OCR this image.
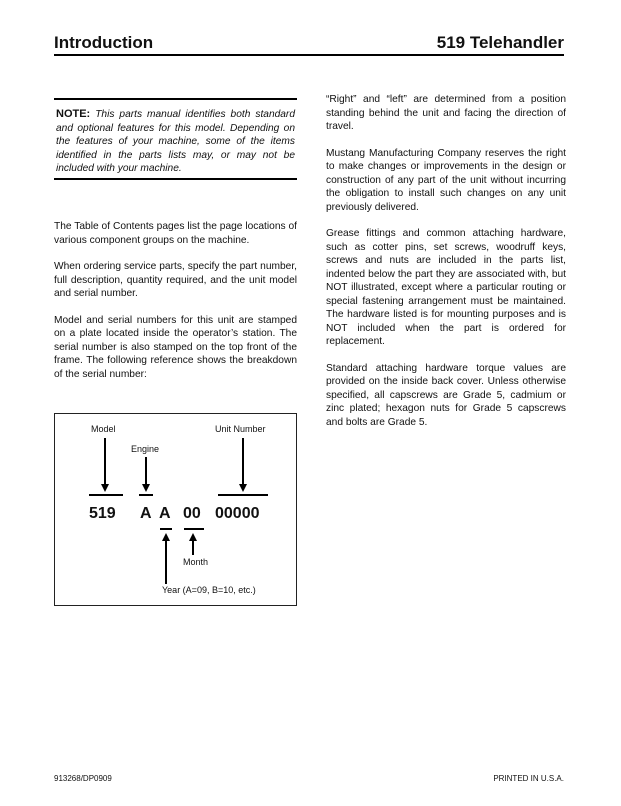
Introduction	519 Telehandler

NOTE: This parts manual identifies both standard and optional features for this model. Depending on the features of your machine, some of the items identified in the parts lists may, or may not be included with your machine.

The Table of Contents pages list the page locations of various component groups on the machine.

When ordering service parts, specify the part number, full description, quantity required, and the unit model and serial number.

Model and serial numbers for this unit are stamped on a plate located inside the operator’s station. The serial number is also stamped on the top front of the frame. The following reference shows the breakdown of the serial number:

“Right” and “left” are determined from a position standing behind the unit and facing the direction of travel.

Mustang Manufacturing Company reserves the right to make changes or improvements in the design or construction of any part of the unit without incurring the obligation to install such changes on any unit previously delivered.

Grease fittings and common attaching hardware, such as cotter pins, set screws, woodruff keys, screws and nuts are included in the parts list, indented below the part they are associated with, but NOT illustrated, except where a particular routing or special fastening arrangement must be maintained. The hardware listed is for mounting purposes and is NOT included when the part is ordered for replacement.

Standard attaching hardware torque values are provided on the inside back cover. Unless otherwise specified, all capscrews are Grade 5, cadmium or zinc plated; hexagon nuts for Grade 5 capscrews and bolts are Grade 5.

Model
Engine
Unit Number
Month
Year (A=09, B=10, etc.)
519 A A 00 00000
913268/DP0909	PRINTED IN U.S.A.
